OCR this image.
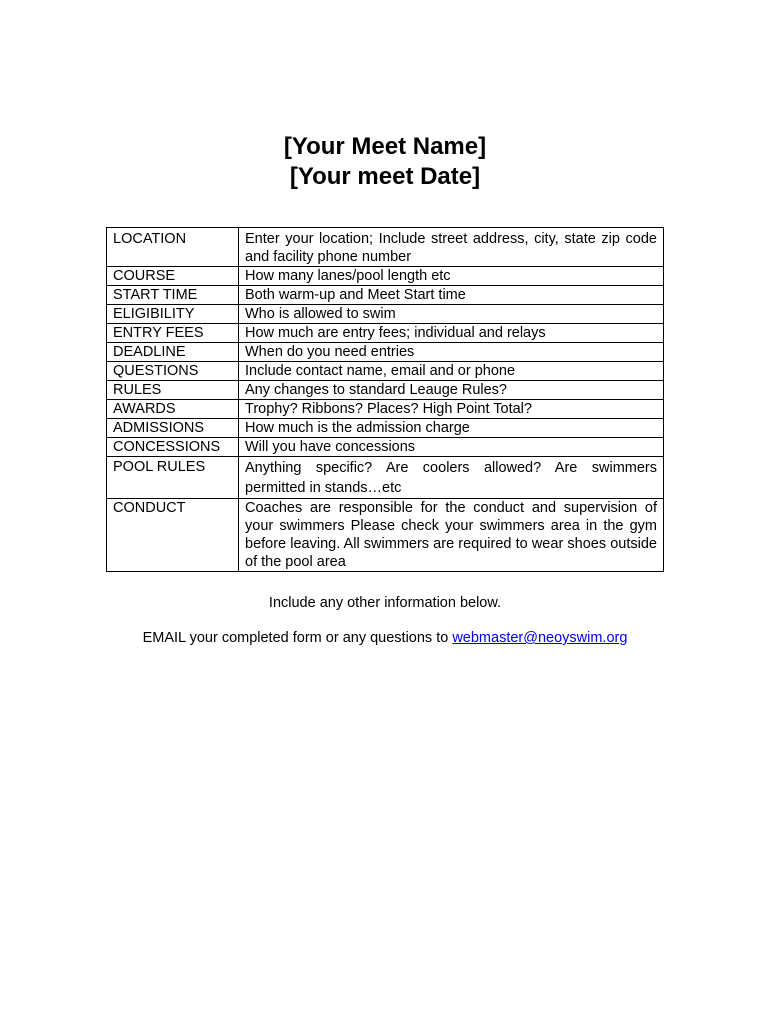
[Your Meet Name]
[Your meet Date]
LOCATION	Enter your location; Include street address, city, state zip code and facility phone number
COURSE	How many lanes/pool length etc
START TIME	Both warm-up and Meet Start time
ELIGIBILITY	Who is allowed to swim
ENTRY FEES	How much are entry fees; individual and relays
DEADLINE	When do you need entries
QUESTIONS	Include contact name, email and or phone
RULES	Any changes to standard Leauge Rules?
AWARDS	Trophy? Ribbons? Places? High Point Total?
ADMISSIONS	How much is the admission charge
CONCESSIONS	Will you have concessions
POOL RULES	Anything specific? Are coolers allowed? Are swimmers permitted in stands…etc
CONDUCT	Coaches are responsible for the conduct and supervision of your swimmers Please check your swimmers area in the gym before leaving. All swimmers are required to wear shoes outside of the pool area
Include any other information below.
EMAIL your completed form or any questions to webmaster@neoyswim.org
